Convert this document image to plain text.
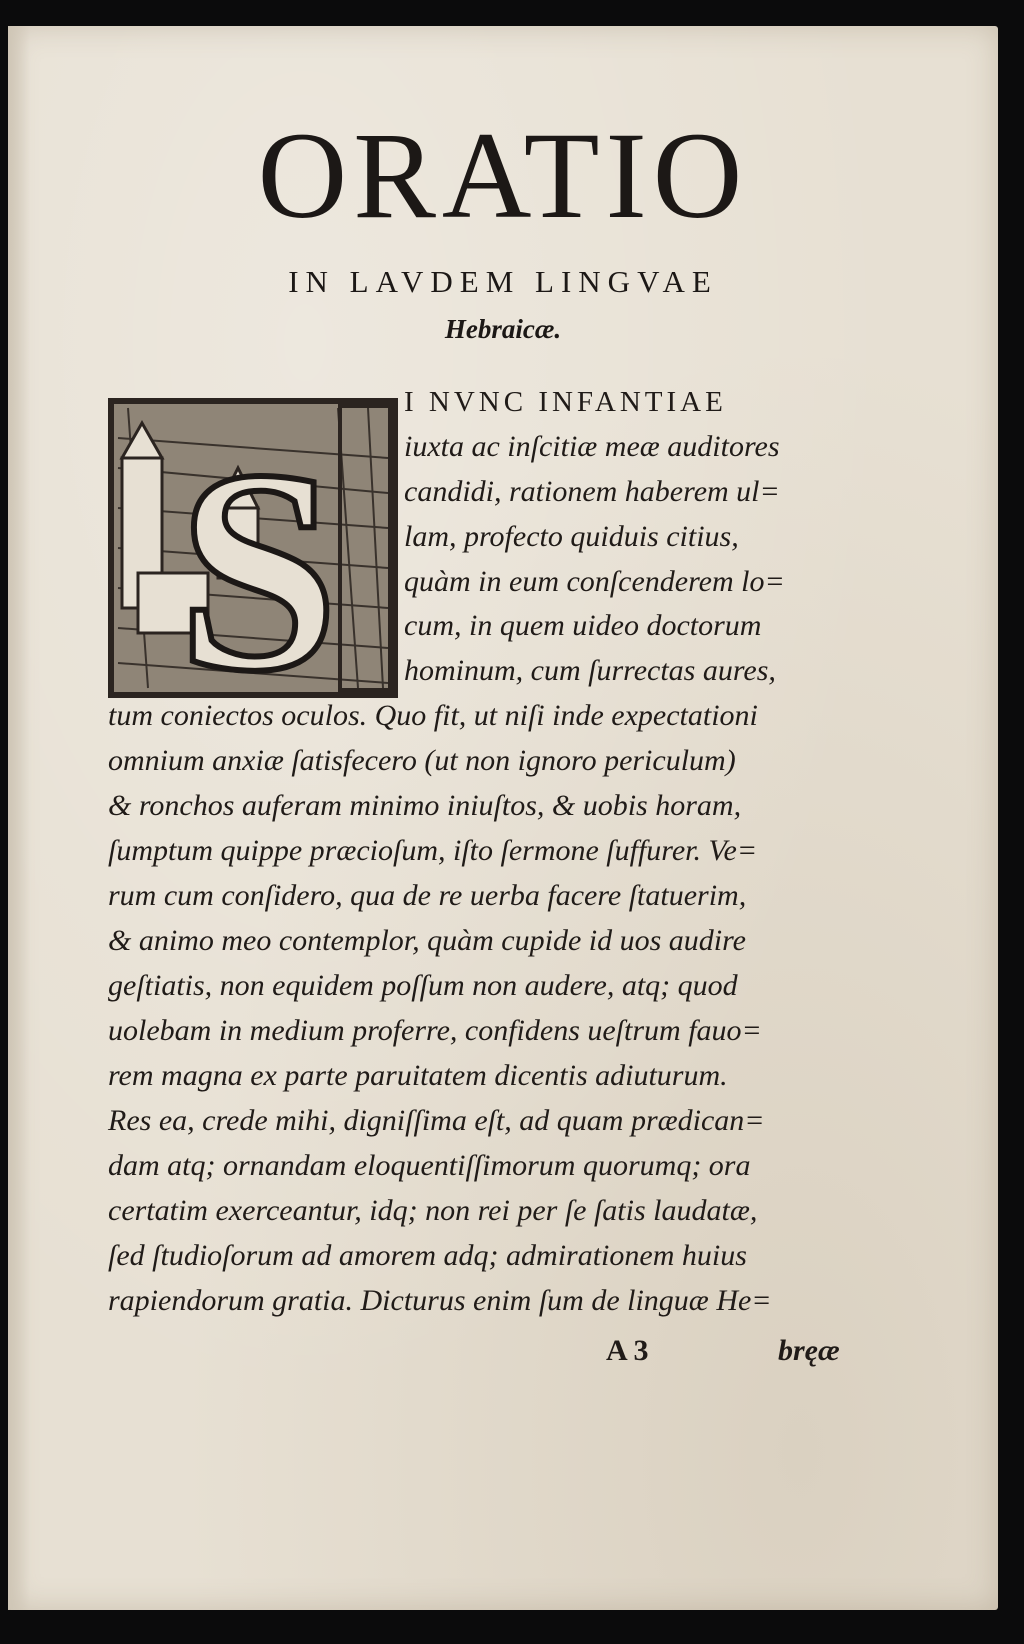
ORATIO
IN LAVDEM LINGVAE
Hebraicæ.
S
I NVNC INFANTIAE
iuxta ac inſcitiæ meæ auditores
candidi, rationem haberem ul=
lam, profecto quiduis citius,
quàm in eum conſcenderem lo=
cum, in quem uideo doctorum
hominum, cum ſurrectas aures,
tum coniectos oculos. Quo fit, ut niſi inde expectationi
omnium anxiæ ſatisfecero (ut non ignoro periculum)
& ronchos auferam minimo iniuſtos, & uobis horam,
ſumptum quippe præcioſum, iſto ſermone ſuffurer. Ve=
rum cum conſidero, qua de re uerba facere ſtatuerim,
& animo meo contemplor, quàm cupide id uos audire
geſtiatis, non equidem poſſum non audere, atq; quod
uolebam in medium proferre, confidens ueſtrum fauo=
rem magna ex parte paruitatem dicentis adiuturum.
Res ea, crede mihi, digniſſima eſt, ad quam prædican=
dam atq; ornandam eloquentiſſimorum quorumq; ora
certatim exerceantur, idq; non rei per ſe ſatis laudatæ,
ſed ſtudioſorum ad amorem adq; admirationem huius
rapiendorum gratia. Dicturus enim ſum de linguæ He=
A 3	bręæ
